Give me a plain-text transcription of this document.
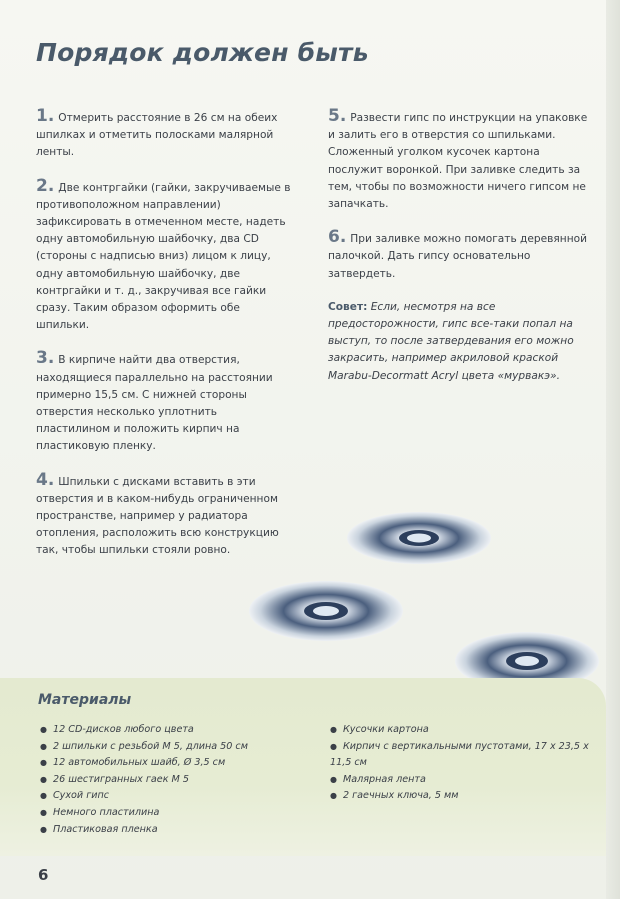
Порядок должен быть
1. Отмерить расстояние в 26 см на обеих шпилках и отметить полосками малярной ленты.
2. Две контргайки (гайки, закручиваемые в противоположном направлении) зафиксировать в отмеченном месте, надеть одну автомобильную шайбочку, два CD (стороны с надписью вниз) лицом к лицу, одну автомобильную шайбочку, две контргайки и т. д., закручивая все гайки сразу. Таким образом оформить обе шпильки.
3. В кирпиче найти два отверстия, находящиеся параллельно на расстоянии примерно 15,5 см. С нижней стороны отверстия несколько уплотнить пластилином и положить кирпич на пластиковую пленку.
4. Шпильки с дисками вставить в эти отверстия и в каком-нибудь ограниченном пространстве, например у радиатора отопления, расположить всю конструкцию так, чтобы шпильки стояли ровно.
5. Развести гипс по инструкции на упаковке и залить его в отверстия со шпильками. Сложенный уголком кусочек картона послужит воронкой. При заливке следить за тем, чтобы по возможности ничего гипсом не запачкать.
6. При заливке можно помогать деревянной палочкой. Дать гипсу основательно затвердеть.
Совет: Если, несмотря на все предосторожности, гипс все-таки попал на выступ, то после затвердевания его можно закрасить, например акриловой краской Marabu-Decormatt Acryl цвета «мурвакэ».
Материалы
● 12 CD-дисков любого цвета
● 2 шпильки с резьбой M 5, длина 50 см
● 12 автомобильных шайб, Ø 3,5 см
● 26 шестигранных гаек M 5
● Сухой гипс
● Немного пластилина
● Пластиковая пленка
● Кусочки картона
● Кирпич с вертикальными пустотами, 17 x 23,5 x 11,5 см
● Малярная лента
● 2 гаечных ключа, 5 мм
6
